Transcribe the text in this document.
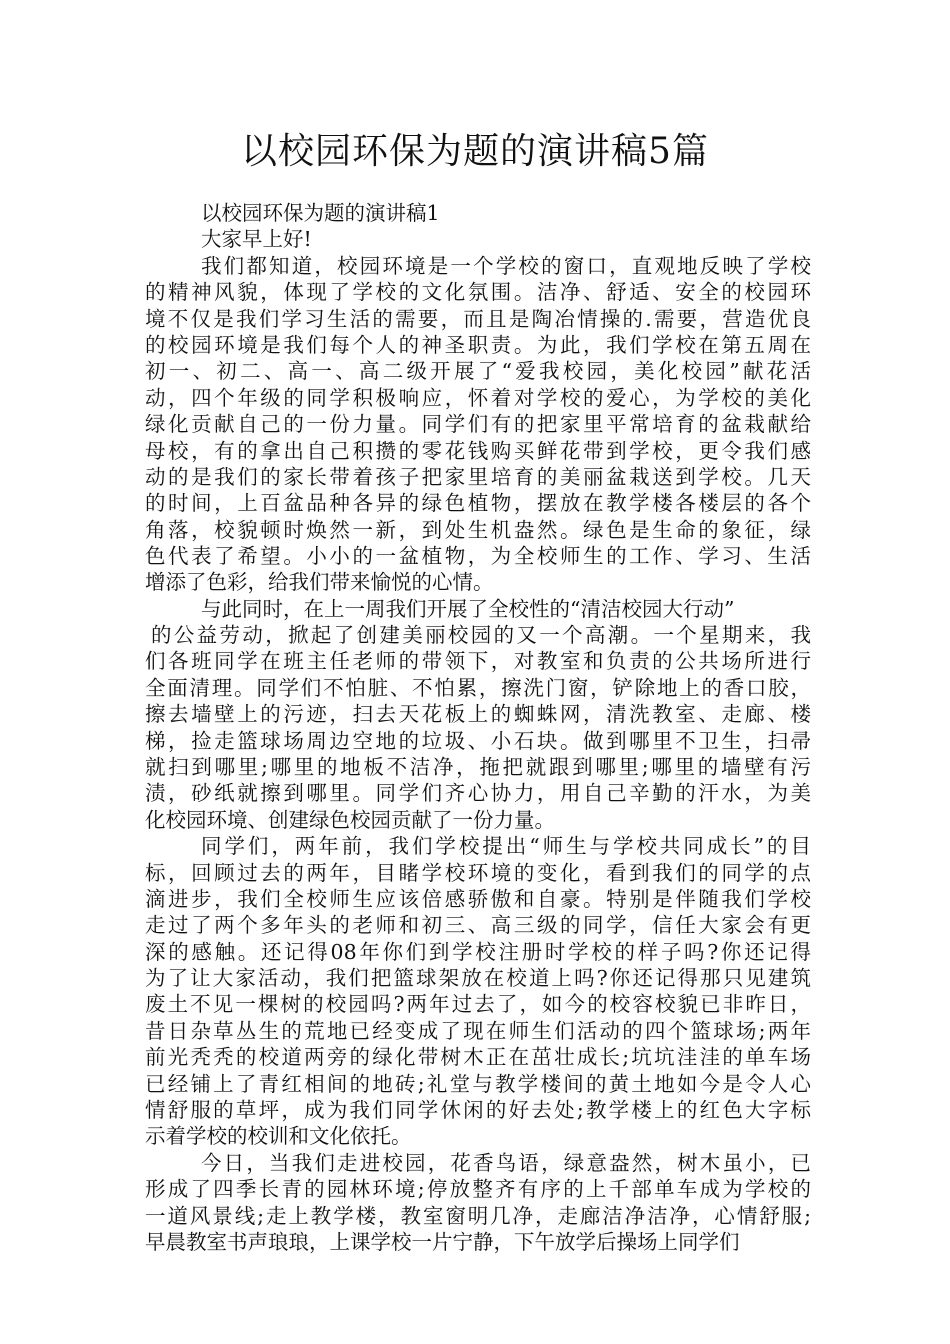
以校园环保为题的演讲稿5篇
以校园环保为题的演讲稿1
大家早上好!
我们都知道，校园环境是一个学校的窗口，直观地反映了学校
的精神风貌，体现了学校的文化氛围。洁净、舒适、安全的校园环
境不仅是我们学习生活的需要，而且是陶冶情操的.需要，营造优良
的校园环境是我们每个人的神圣职责。为此，我们学校在第五周在
初一、初二、高一、高二级开展了“爱我校园，美化校园”献花活
动，四个年级的同学积极响应，怀着对学校的爱心，为学校的美化
绿化贡献自己的一份力量。同学们有的把家里平常培育的盆栽献给
母校，有的拿出自己积攒的零花钱购买鲜花带到学校，更令我们感
动的是我们的家长带着孩子把家里培育的美丽盆栽送到学校。几天
的时间，上百盆品种各异的绿色植物，摆放在教学楼各楼层的各个
角落，校貌顿时焕然一新，到处生机盎然。绿色是生命的象征，绿
色代表了希望。小小的一盆植物，为全校师生的工作、学习、生活
增添了色彩，给我们带来愉悦的心情。
与此同时，在上一周我们开展了全校性的“清洁校园大行动”
的公益劳动，掀起了创建美丽校园的又一个高潮。一个星期来，我
们各班同学在班主任老师的带领下，对教室和负责的公共场所进行
全面清理。同学们不怕脏、不怕累，擦洗门窗，铲除地上的香口胶，
擦去墙壁上的污迹，扫去天花板上的蜘蛛网，清洗教室、走廊、楼
梯，捡走篮球场周边空地的垃圾、小石块。做到哪里不卫生，扫帚
就扫到哪里;哪里的地板不洁净，拖把就跟到哪里;哪里的墙壁有污
渍，砂纸就擦到哪里。同学们齐心协力，用自己辛勤的汗水，为美
化校园环境、创建绿色校园贡献了一份力量。
同学们，两年前，我们学校提出“师生与学校共同成长”的目
标，回顾过去的两年，目睹学校环境的变化，看到我们的同学的点
滴进步，我们全校师生应该倍感骄傲和自豪。特别是伴随我们学校
走过了两个多年头的老师和初三、高三级的同学，信任大家会有更
深的感触。还记得08年你们到学校注册时学校的样子吗?你还记得
为了让大家活动，我们把篮球架放在校道上吗?你还记得那只见建筑
废土不见一棵树的校园吗?两年过去了，如今的校容校貌已非昨日，
昔日杂草丛生的荒地已经变成了现在师生们活动的四个篮球场;两年
前光秃秃的校道两旁的绿化带树木正在茁壮成长;坑坑洼洼的单车场
已经铺上了青红相间的地砖;礼堂与教学楼间的黄土地如今是令人心
情舒服的草坪，成为我们同学休闲的好去处;教学楼上的红色大字标
示着学校的校训和文化依托。
今日，当我们走进校园，花香鸟语，绿意盎然，树木虽小，已
形成了四季长青的园林环境;停放整齐有序的上千部单车成为学校的
一道风景线;走上教学楼，教室窗明几净，走廊洁净洁净，心情舒服;
早晨教室书声琅琅，上课学校一片宁静，下午放学后操场上同学们
